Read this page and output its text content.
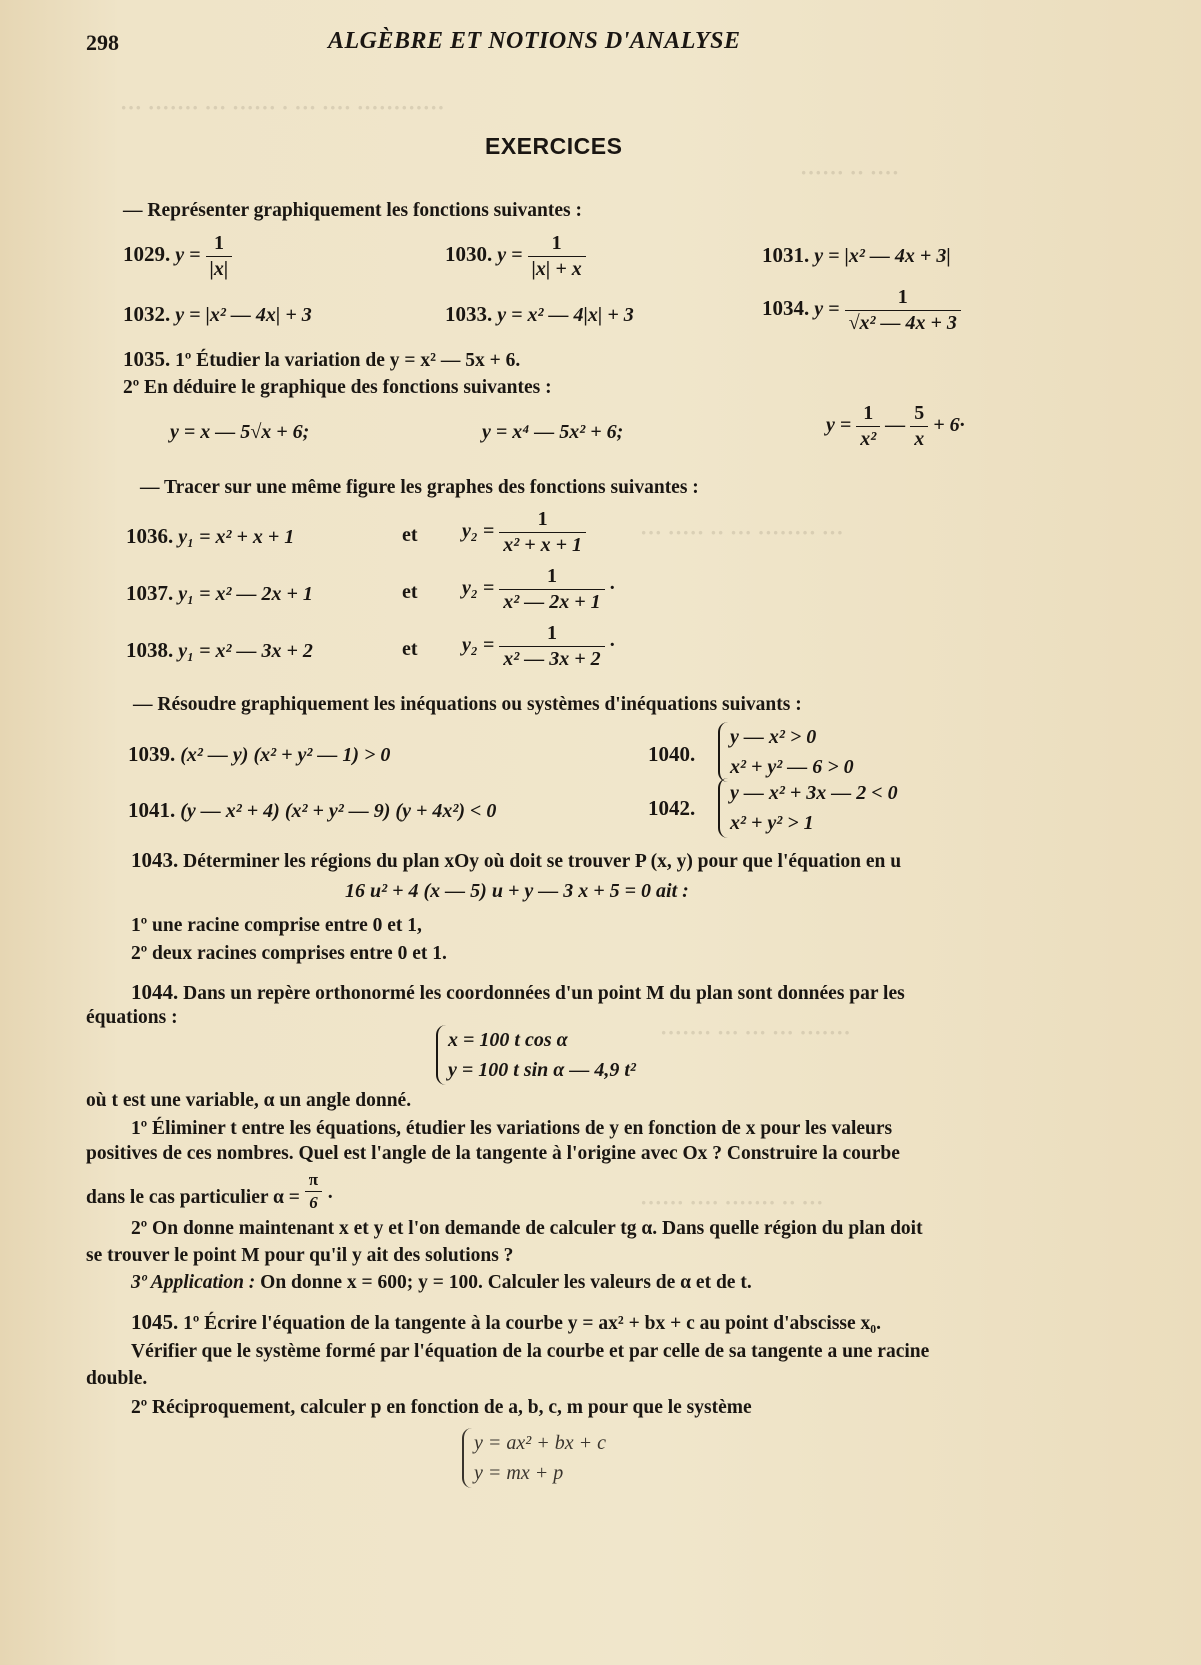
··· ······· ··· ······ · ··· ···· ············
······ ·· ····
··· ····· ·· ··· ········ ···
······· ··· ··· ··· ·······
······ ···· ······· ·· ···
298	ALGÈBRE ET NOTIONS D'ANALYSE
EXERCICES
— Représenter graphiquement les fonctions suivantes :
1029. $y = \frac{1}{|x|}$	1030. $y = \frac{1}{|x| + x}$	1031. y = |x² — 4x + 3|
1032. y = |x² — 4x| + 3	1033. y = x² — 4|x| + 3	1034. $y = \frac{1}{\text{√x² — 4x + 3}}$
1035. 1º Étudier la variation de y = x² — 5x + 6.
2º En déduire le graphique des fonctions suivantes :
y = x — 5√x + 6;	y = x⁴ — 5x² + 6;	$y = \frac{1}{\text{x²}}$ — $\frac{5}{x} + 6\cdot$
— Tracer sur une même figure les graphes des fonctions suivantes :
1036. y₁ = x² + x + 1	et $y_2 = \frac{1}{\text{x² + x + 1}}$
1037. y₁ = x² — 2x + 1	et $y_2 = \frac{1}{\text{x² — 2x + 1}}$ ·
1038. y₁ = x² — 3x + 2	et $y_2 = \frac{1}{\text{x² — 3x + 2}}$ ·
— Résoudre graphiquement les inéquations ou systèmes d'inéquations suivants :
1039. (x² — y) (x² + y² — 1) > 0	1040.
y — x² > 0
x² + y² — 6 > 0
1041. (y — x² + 4) (x² + y² — 9) (y + 4x²) < 0	1042.
y — x² + 3x — 2 < 0
x² + y² > 1
1043. Déterminer les régions du plan xOy où doit se trouver P (x, y) pour que l'équation en u
16 u² + 4 (x — 5) u + y — 3 x + 5 = 0 ait :
1º une racine comprise entre 0 et 1,
2º deux racines comprises entre 0 et 1.
1044. Dans un repère orthonormé les coordonnées d'un point M du plan sont données par les
équations :
x = 100 t cos α
y = 100 t sin α — 4,9 t²
où t est une variable, α un angle donné.
1º Éliminer t entre les équations, étudier les variations de y en fonction de x pour les valeurs
positives de ces nombres. Quel est l'angle de la tangente à l'origine avec Ox ? Construire la courbe
dans le cas particulier $\alpha = \frac{\pi}{6}$ ·
2º On donne maintenant x et y et l'on demande de calculer tg α. Dans quelle région du plan doit
se trouver le point M pour qu'il y ait des solutions ?
3º Application : On donne x = 600; y = 100. Calculer les valeurs de α et de t.
1045. 1º Écrire l'équation de la tangente à la courbe y = ax² + bx + c au point d'abscisse x₀.
Vérifier que le système formé par l'équation de la courbe et par celle de sa tangente a une racine
double.
2º Réciproquement, calculer p en fonction de a, b, c, m pour que le système
y = ax² + bx + c
y = mx + p
